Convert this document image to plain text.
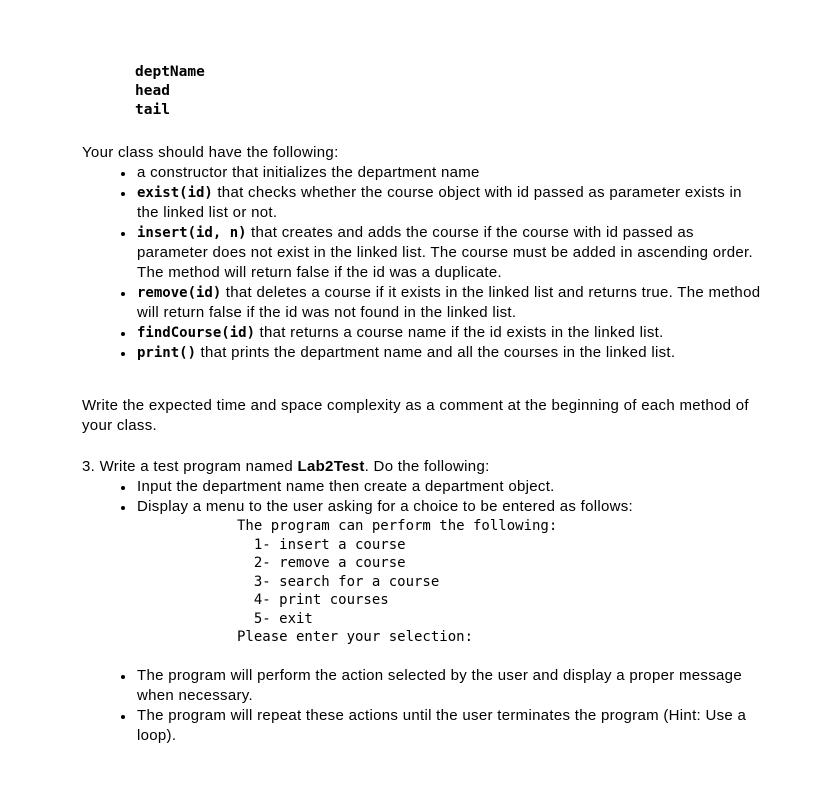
deptName
head
tail

Your class should have the following:

• a constructor that initializes the department name
• exist(id) that checks whether the course object with id passed as parameter exists in the linked list or not.
• insert(id, n) that creates and adds the course if the course with id passed as parameter does not exist in the linked list. The course must be added in ascending order. The method will return false if the id was a duplicate.
• remove(id) that deletes a course if it exists in the linked list and returns true. The method will return false if the id was not found in the linked list.
• findCourse(id) that returns a course name if the id exists in the linked list.
• print() that prints the department name and all the courses in the linked list.

Write the expected time and space complexity as a comment at the beginning of each method of your class.

3. Write a test program named Lab2Test. Do the following:

• Input the department name then create a department object.
• Display a menu to the user asking for a choice to be entered as follows:
The program can perform the following:
1- insert a course
2- remove a course
3- search for a course
4- print courses
5- exit
Please enter your selection:
• The program will perform the action selected by the user and display a proper message when necessary.
• The program will repeat these actions until the user terminates the program (Hint: Use a loop).
